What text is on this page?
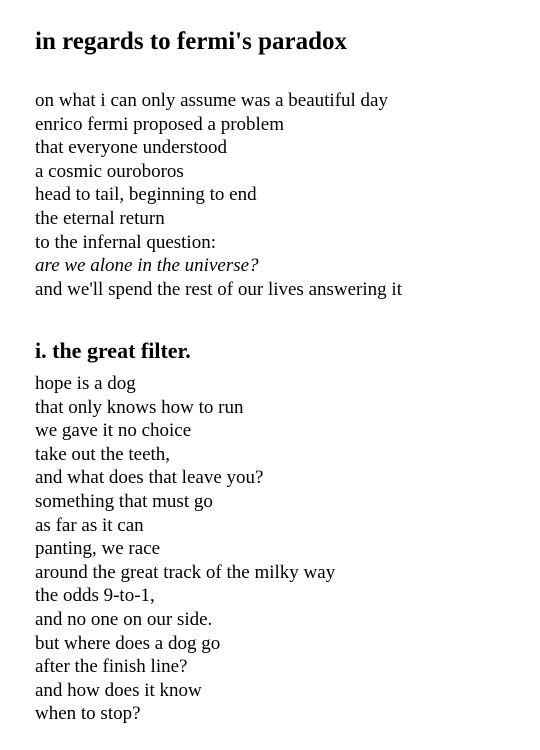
in regards to fermi's paradox
on what i can only assume was a beautiful day
enrico fermi proposed a problem
that everyone understood
a cosmic ouroboros
head to tail, beginning to end
the eternal return
to the infernal question:
are we alone in the universe?
and we'll spend the rest of our lives answering it
i. the great filter.
hope is a dog
that only knows how to run
we gave it no choice
take out the teeth,
and what does that leave you?
something that must go
as far as it can
panting, we race
around the great track of the milky way
the odds 9-to-1,
and no one on our side.
but where does a dog go
after the finish line?
and how does it know
when to stop?
